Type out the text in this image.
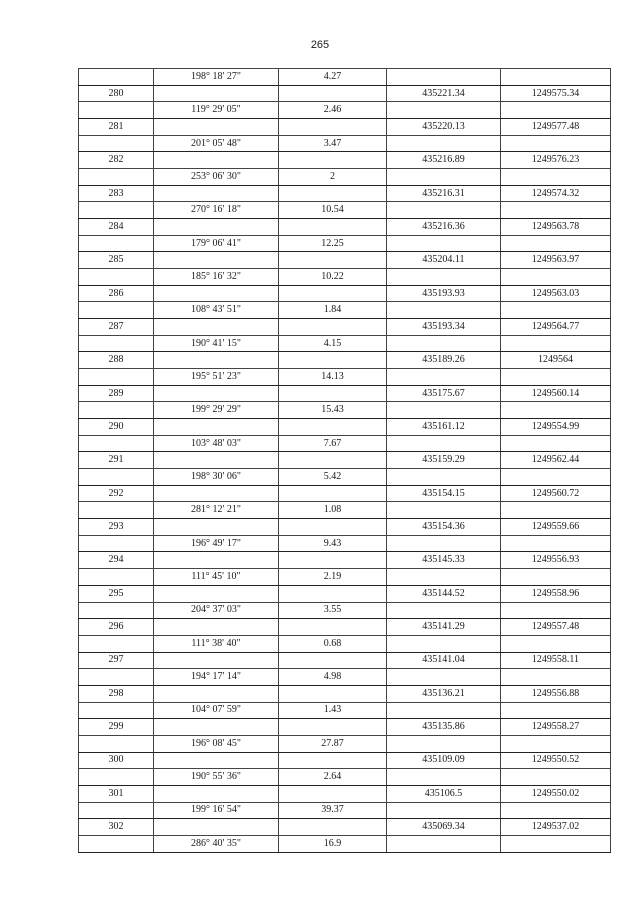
265
	198° 18' 27"	4.27		
280			435221.34	1249575.34
	119° 29' 05"	2.46		
281			435220.13	1249577.48
	201° 05' 48"	3.47		
282			435216.89	1249576.23
	253° 06' 30"	2		
283			435216.31	1249574.32
	270° 16' 18"	10.54		
284			435216.36	1249563.78
	179° 06' 41"	12.25		
285			435204.11	1249563.97
	185° 16' 32"	10.22		
286			435193.93	1249563.03
	108° 43' 51"	1.84		
287			435193.34	1249564.77
	190° 41' 15"	4.15		
288			435189.26	1249564
	195° 51' 23"	14.13		
289			435175.67	1249560.14
	199° 29' 29"	15.43		
290			435161.12	1249554.99
	103° 48' 03"	7.67		
291			435159.29	1249562.44
	198° 30' 06"	5.42		
292			435154.15	1249560.72
	281° 12' 21"	1.08		
293			435154.36	1249559.66
	196° 49' 17"	9.43		
294			435145.33	1249556.93
	111° 45' 10"	2.19		
295			435144.52	1249558.96
	204° 37' 03"	3.55		
296			435141.29	1249557.48
	111° 38' 40"	0.68		
297			435141.04	1249558.11
	194° 17' 14"	4.98		
298			435136.21	1249556.88
	104° 07' 59"	1.43		
299			435135.86	1249558.27
	196° 08' 45"	27.87		
300			435109.09	1249550.52
	190° 55' 36"	2.64		
301			435106.5	1249550.02
	199° 16' 54"	39.37		
302			435069.34	1249537.02
	286° 40' 35"	16.9		
